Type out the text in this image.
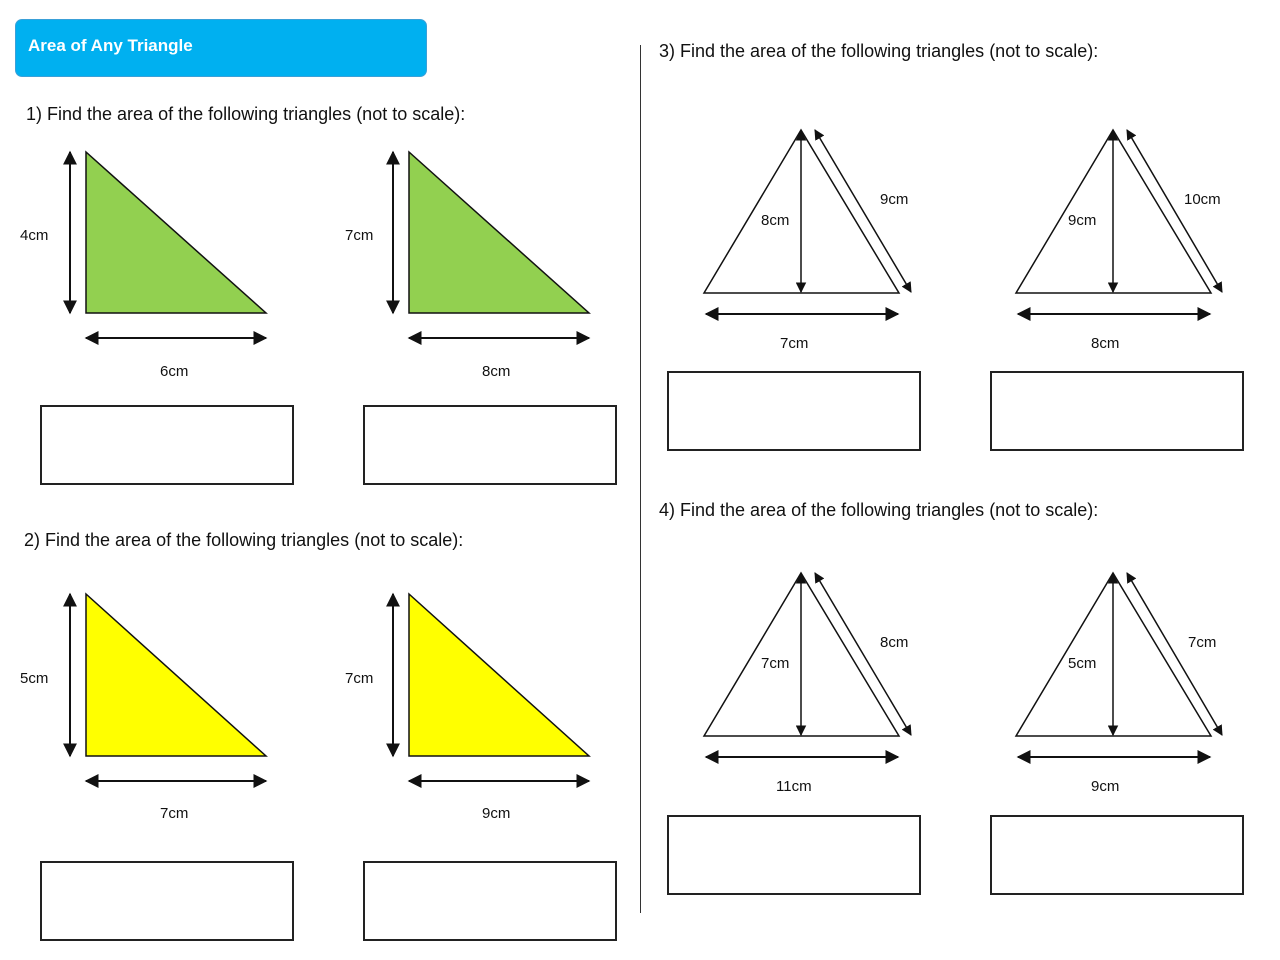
Area of Any Triangle
1) Find the area of the following triangles (not to scale):
2) Find the area of the following triangles (not to scale):
3) Find the area of the following triangles (not to scale):
4) Find the area of the following triangles (not to scale):
4cm
6cm
7cm
8cm
5cm
7cm
7cm
9cm
8cm
9cm
7cm
9cm
10cm
8cm
7cm
8cm
11cm
5cm
7cm
9cm
